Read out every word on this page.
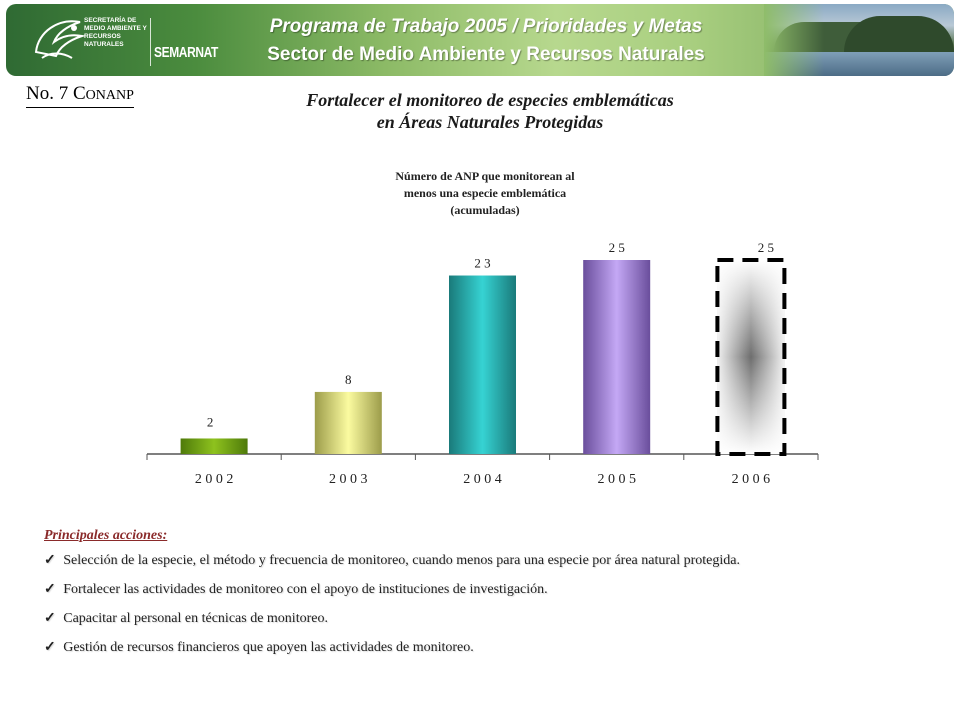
SECRETARÍA DE MEDIO AMBIENTE Y RECURSOS NATURALES	SEMARNAT
Programa de Trabajo 2005 / Prioridades y Metas
Sector de Medio Ambiente y Recursos Naturales
No. 7 CONANP	Fortalecer el monitoreo de especies emblemáticas
en Áreas Naturales Protegidas
Número de ANP que monitorean al
menos una especie emblemática
(acumuladas)
2
2 0 0 2
8
2 0 0 3
2 3
2 0 0 4
2 5
2 0 0 5
2 5
2 0 0 6
Principales acciones:
✓ Selección de la especie, el método y frecuencia de monitoreo, cuando menos para una especie por área natural protegida.
✓ Fortalecer las actividades de monitoreo con el apoyo de instituciones de investigación.
✓ Capacitar al personal en técnicas de monitoreo.
✓ Gestión de recursos financieros que apoyen las actividades de monitoreo.
